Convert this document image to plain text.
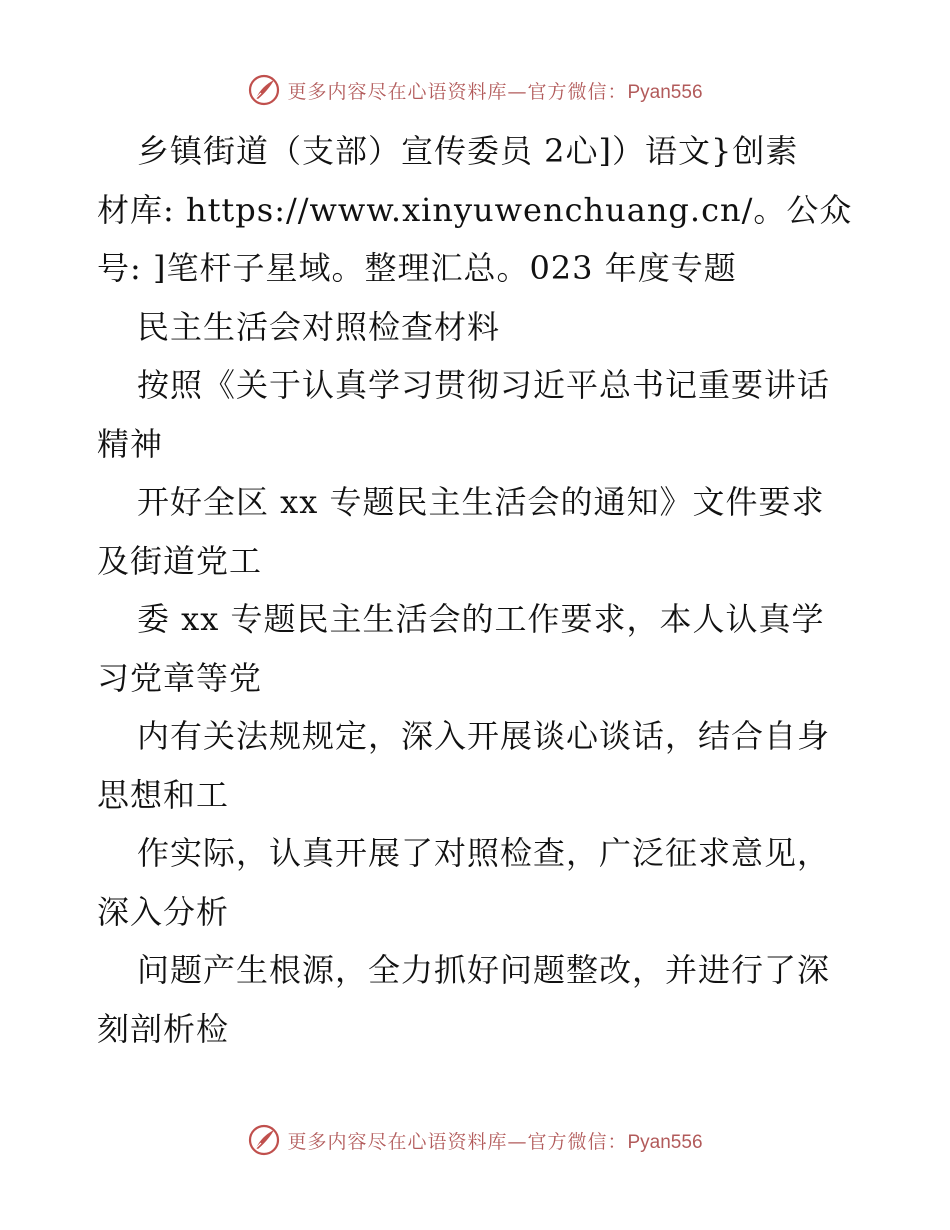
更多内容尽在心语资料库—官方微信：Pyan556
乡镇街道（支部）宣传委员 2心]）语文}创素
材库: https://www.xinyuwenchuang.cn/。公众
号: ]笔杆子星域。整理汇总。023 年度专题
民主生活会对照检查材料
按照《关于认真学习贯彻习近平总书记重要讲话
精神
开好全区 xx 专题民主生活会的通知》文件要求
及街道党工
委 xx 专题民主生活会的工作要求，本人认真学
习党章等党
内有关法规规定，深入开展谈心谈话，结合自身
思想和工
作实际，认真开展了对照检查，广泛征求意见，
深入分析
问题产生根源，全力抓好问题整改，并进行了深
刻剖析检
更多内容尽在心语资料库—官方微信：Pyan556
